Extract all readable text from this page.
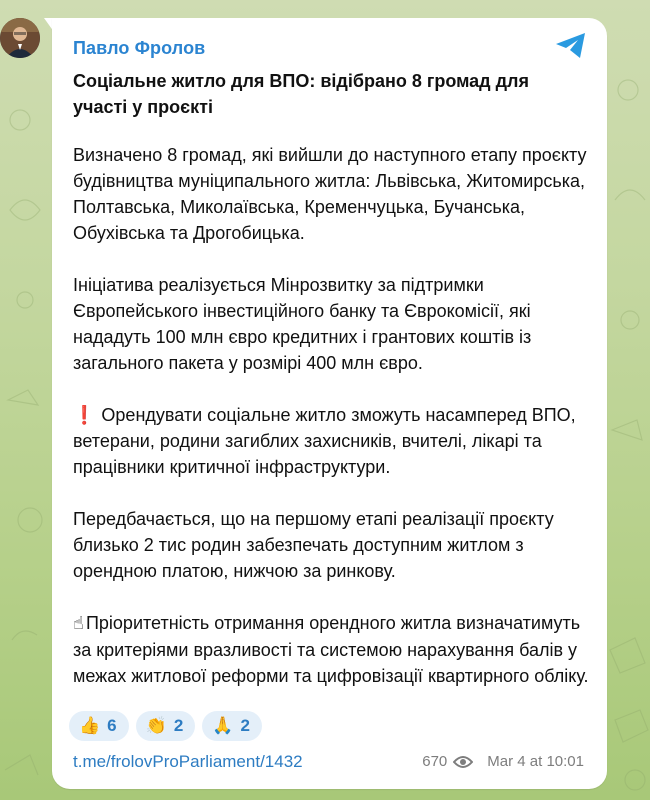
Павло Фролов
Соціальне житло для ВПО: відібрано 8 громад для участі у проєкті

Визначено 8 громад, які вийшли до наступного етапу проєкту будівництва муніципального житла: Львівська, Житомирська, Полтавська, Миколаївська, Кременчуцька, Бучанська, Обухівська та Дрогобицька.

Ініціатива реалізується Мінрозвитку за підтримки Європейського інвестиційного банку та Єврокомісії, які нададуть 100 млн євро кредитних і грантових коштів із загального пакета у розмірі 400 млн євро.

❗ Орендувати соціальне житло зможуть насамперед ВПО, ветерани, родини загиблих захисників, вчителі, лікарі та працівники критичної інфраструктури.

Передбачається, що на першому етапі реалізації проєкту близько 2 тис родин забезпечать доступним житлом з орендною платою, нижчою за ринкову.

☝ Пріоритетність отримання орендного житла визначатимуть за критеріями вразливості та системою нарахування балів у межах житлової реформи та цифровізації квартирного обліку.

👍 6 👏 2 🙏 2
t.me/frolovProParliament/1432	670	Mar 4 at 10:01
